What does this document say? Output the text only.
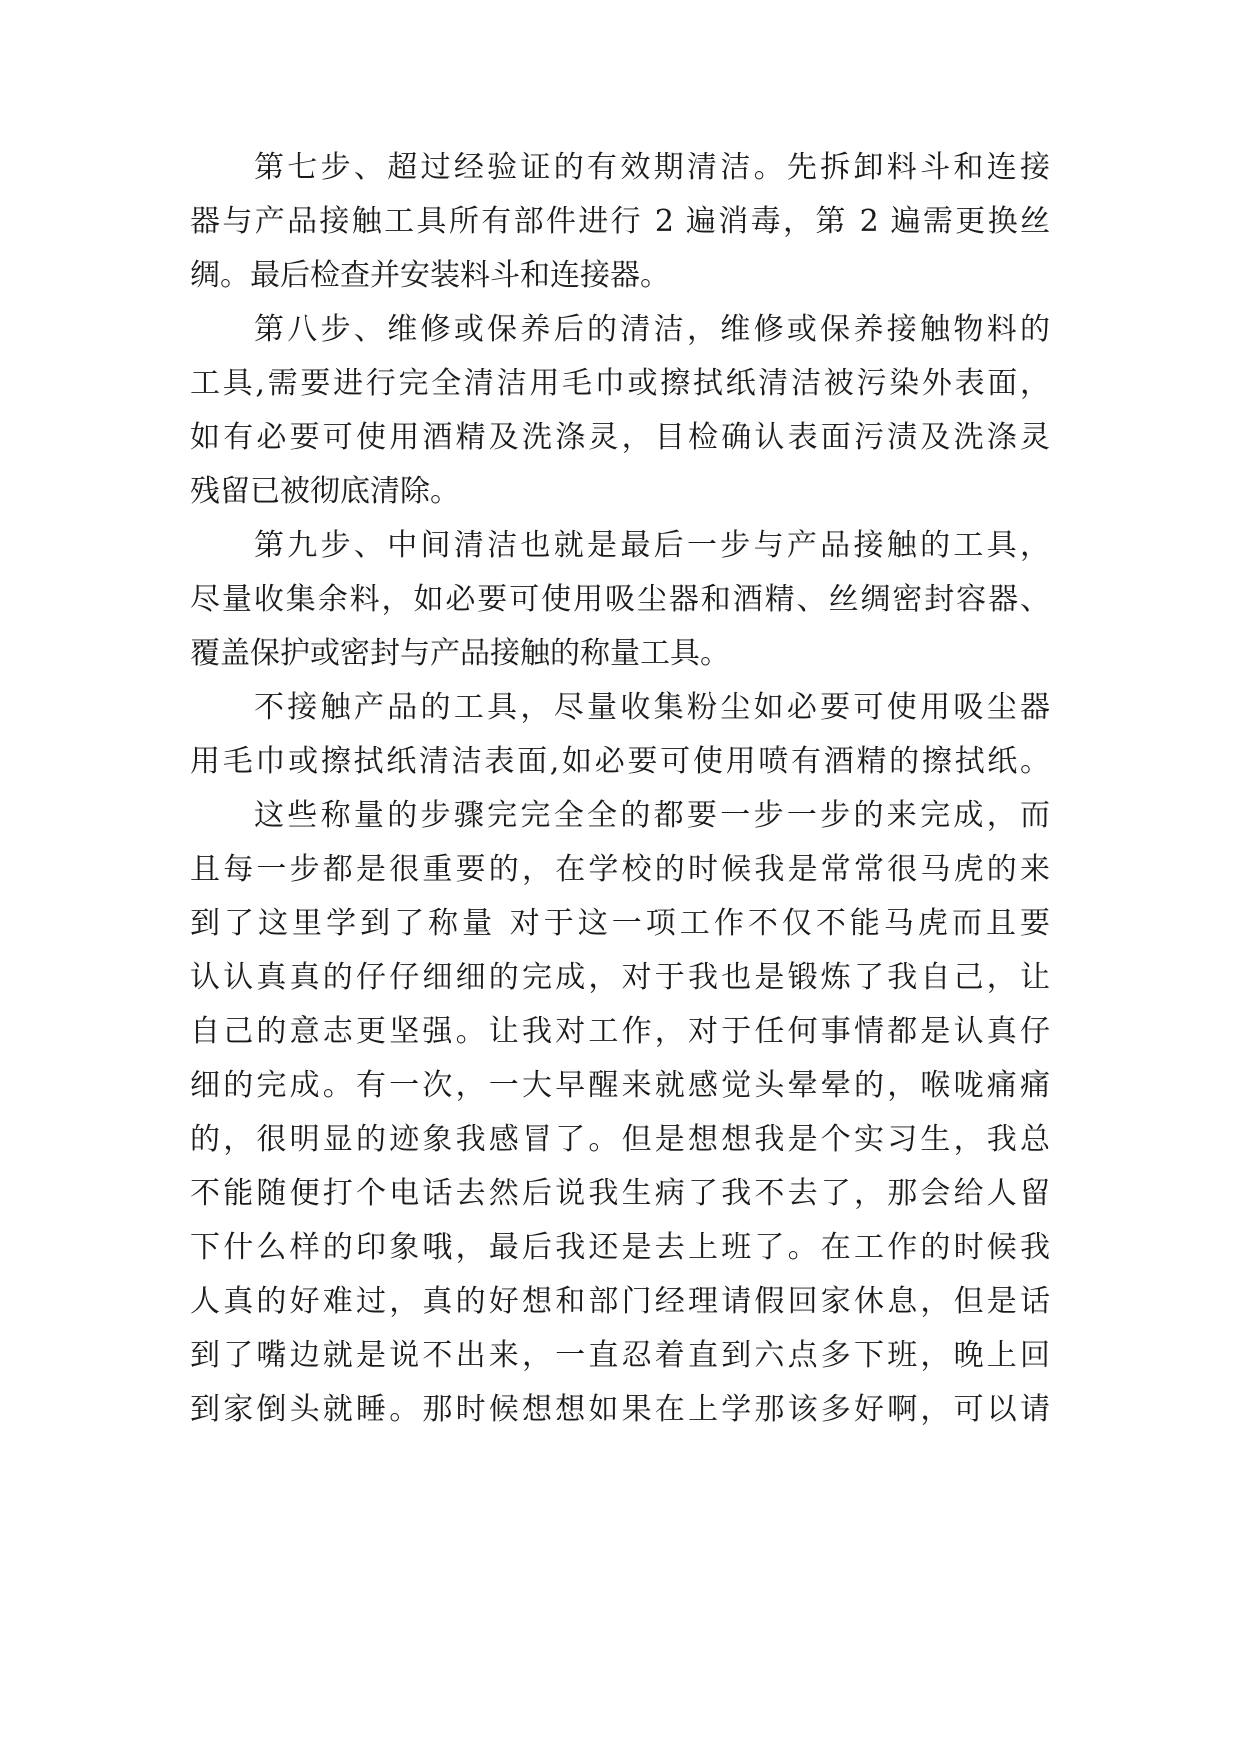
第七步、超过经验证的有效期清洁。先拆卸料斗和连接

器与产品接触工具所有部件进行 2 遍消毒，第 2 遍需更换丝

绸。最后检查并安装料斗和连接器。

第八步、维修或保养后的清洁，维修或保养接触物料的

工具,需要进行完全清洁用毛巾或擦拭纸清洁被污染外表面，

如有必要可使用酒精及洗涤灵，目检确认表面污渍及洗涤灵

残留已被彻底清除。

第九步、中间清洁也就是最后一步与产品接触的工具，

尽量收集余料，如必要可使用吸尘器和酒精、丝绸密封容器、

覆盖保护或密封与产品接触的称量工具。

不接触产品的工具，尽量收集粉尘如必要可使用吸尘器

用毛巾或擦拭纸清洁表面,如必要可使用喷有酒精的擦拭纸。

这些称量的步骤完完全全的都要一步一步的来完成，而

且每一步都是很重要的，在学校的时候我是常常很马虎的来

到了这里学到了称量 对于这一项工作不仅不能马虎而且要

认认真真的仔仔细细的完成，对于我也是锻炼了我自己，让

自己的意志更坚强。让我对工作，对于任何事情都是认真仔

细的完成。有一次，一大早醒来就感觉头晕晕的，喉咙痛痛

的，很明显的迹象我感冒了。但是想想我是个实习生，我总

不能随便打个电话去然后说我生病了我不去了，那会给人留

下什么样的印象哦，最后我还是去上班了。在工作的时候我

人真的好难过，真的好想和部门经理请假回家休息，但是话

到了嘴边就是说不出来，一直忍着直到六点多下班，晚上回

到家倒头就睡。那时候想想如果在上学那该多好啊，可以请
